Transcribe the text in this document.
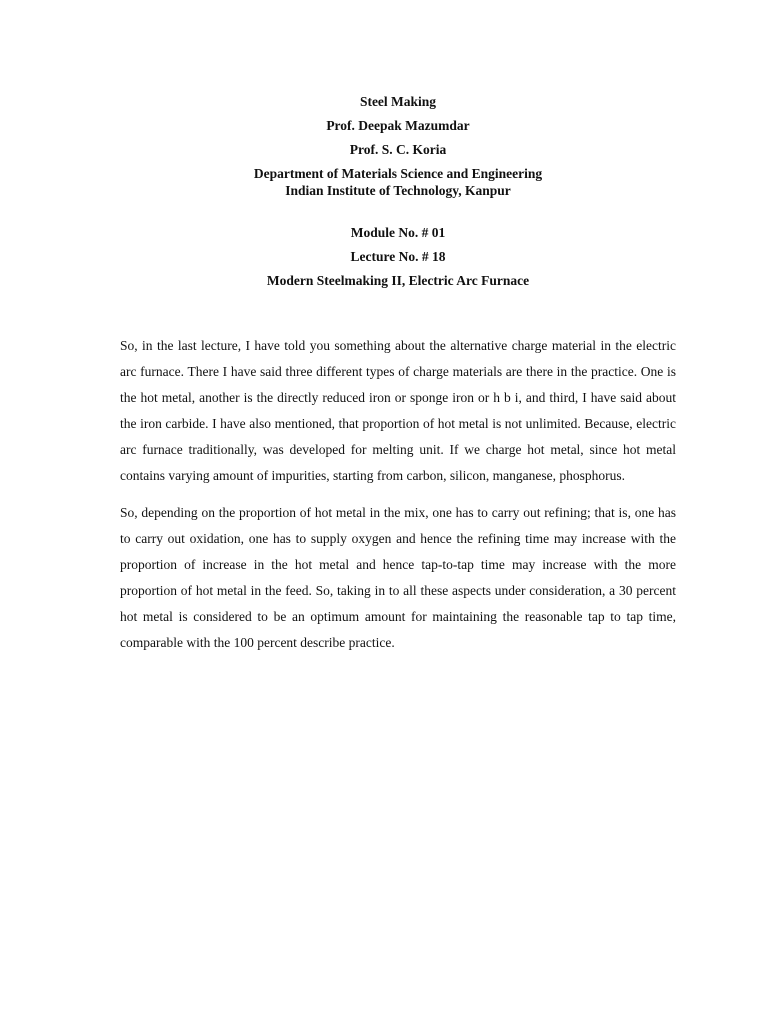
Steel Making
Prof. Deepak Mazumdar
Prof. S. C. Koria
Department of Materials Science and Engineering
Indian Institute of Technology, Kanpur
Module No. # 01
Lecture No. # 18
Modern Steelmaking II, Electric Arc Furnace

So, in the last lecture, I have told you something about the alternative charge material in the electric arc furnace. There I have said three different types of charge materials are there in the practice. One is the hot metal, another is the directly reduced iron or sponge iron or h b i, and third, I have said about the iron carbide. I have also mentioned, that proportion of hot metal is not unlimited. Because, electric arc furnace traditionally, was developed for melting unit. If we charge hot metal, since hot metal contains varying amount of impurities, starting from carbon, silicon, manganese, phosphorus.

So, depending on the proportion of hot metal in the mix, one has to carry out refining; that is, one has to carry out oxidation, one has to supply oxygen and hence the refining time may increase with the proportion of increase in the hot metal and hence tap-to-tap time may increase with the more proportion of hot metal in the feed. So, taking in to all these aspects under consideration, a 30 percent hot metal is considered to be an optimum amount for maintaining the reasonable tap to tap time, comparable with the 100 percent describe practice.
